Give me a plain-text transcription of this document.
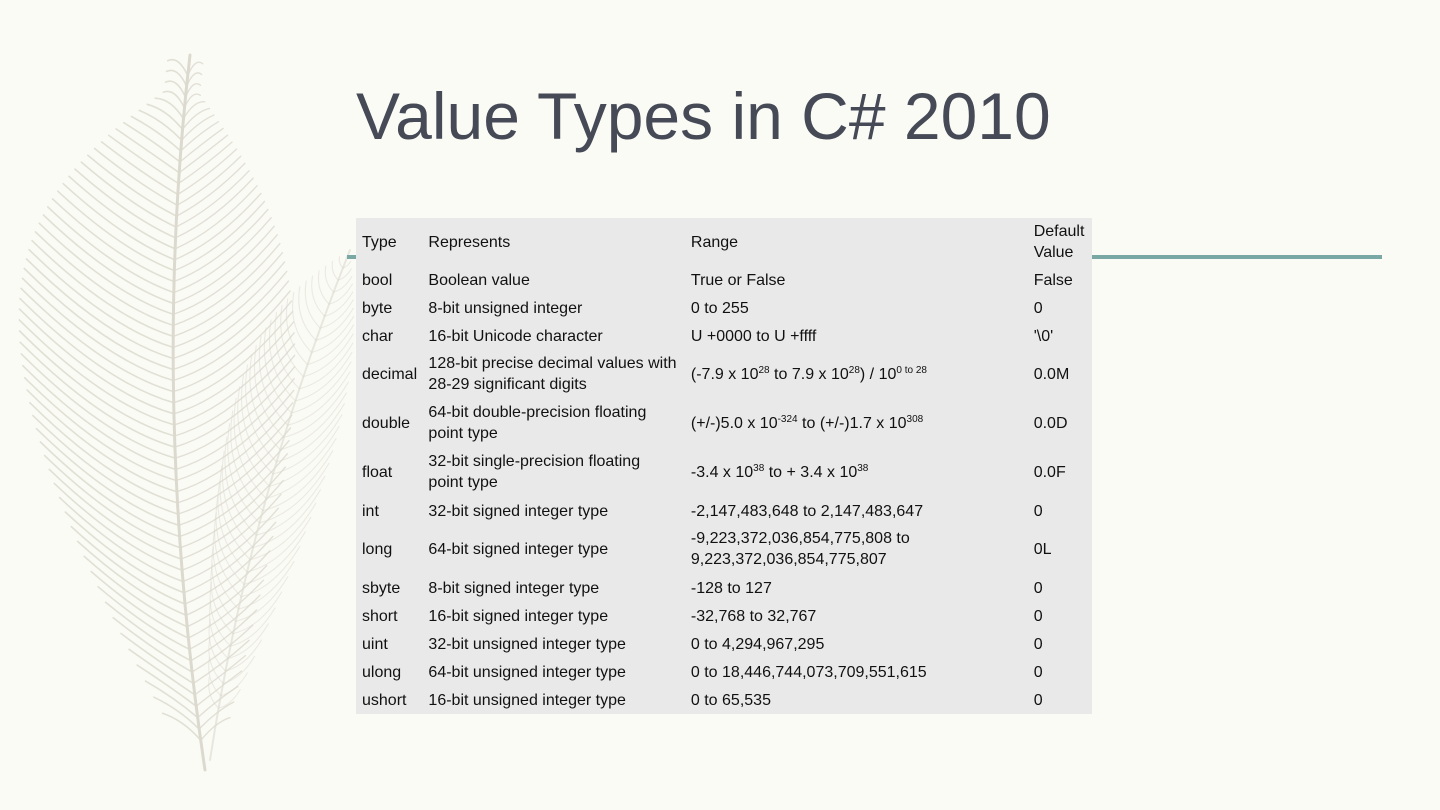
Value Types in C# 2010
Type	Represents	Range	Default Value
bool	Boolean value	True or False	False
byte	8-bit unsigned integer	0 to 255	0
char	16-bit Unicode character	U +0000 to U +ffff	'\0'
decimal	128-bit precise decimal values with 28-29 significant digits	(-7.9 x $10^{28}$ to 7.9 x $10^{28}) / 10^{0 to 28}$	0.0M
double	64-bit double-precision floating point type	(+/-)5.0 x $10^{-324}$ to (+/-)1.7 x $10^{308}$	0.0D
float	32-bit single-precision floating point type	-3.4 x $10^{38}$ to + 3.4 x $10^{38}$	0.0F
int	32-bit signed integer type	-2,147,483,648 to 2,147,483,647	0
long	64-bit signed integer type	-9,223,372,036,854,775,808 to 9,223,372,036,854,775,807	0L
sbyte	8-bit signed integer type	-128 to 127	0
short	16-bit signed integer type	-32,768 to 32,767	0
uint	32-bit unsigned integer type	0 to 4,294,967,295	0
ulong	64-bit unsigned integer type	0 to 18,446,744,073,709,551,615	0
ushort	16-bit unsigned integer type	0 to 65,535	0
